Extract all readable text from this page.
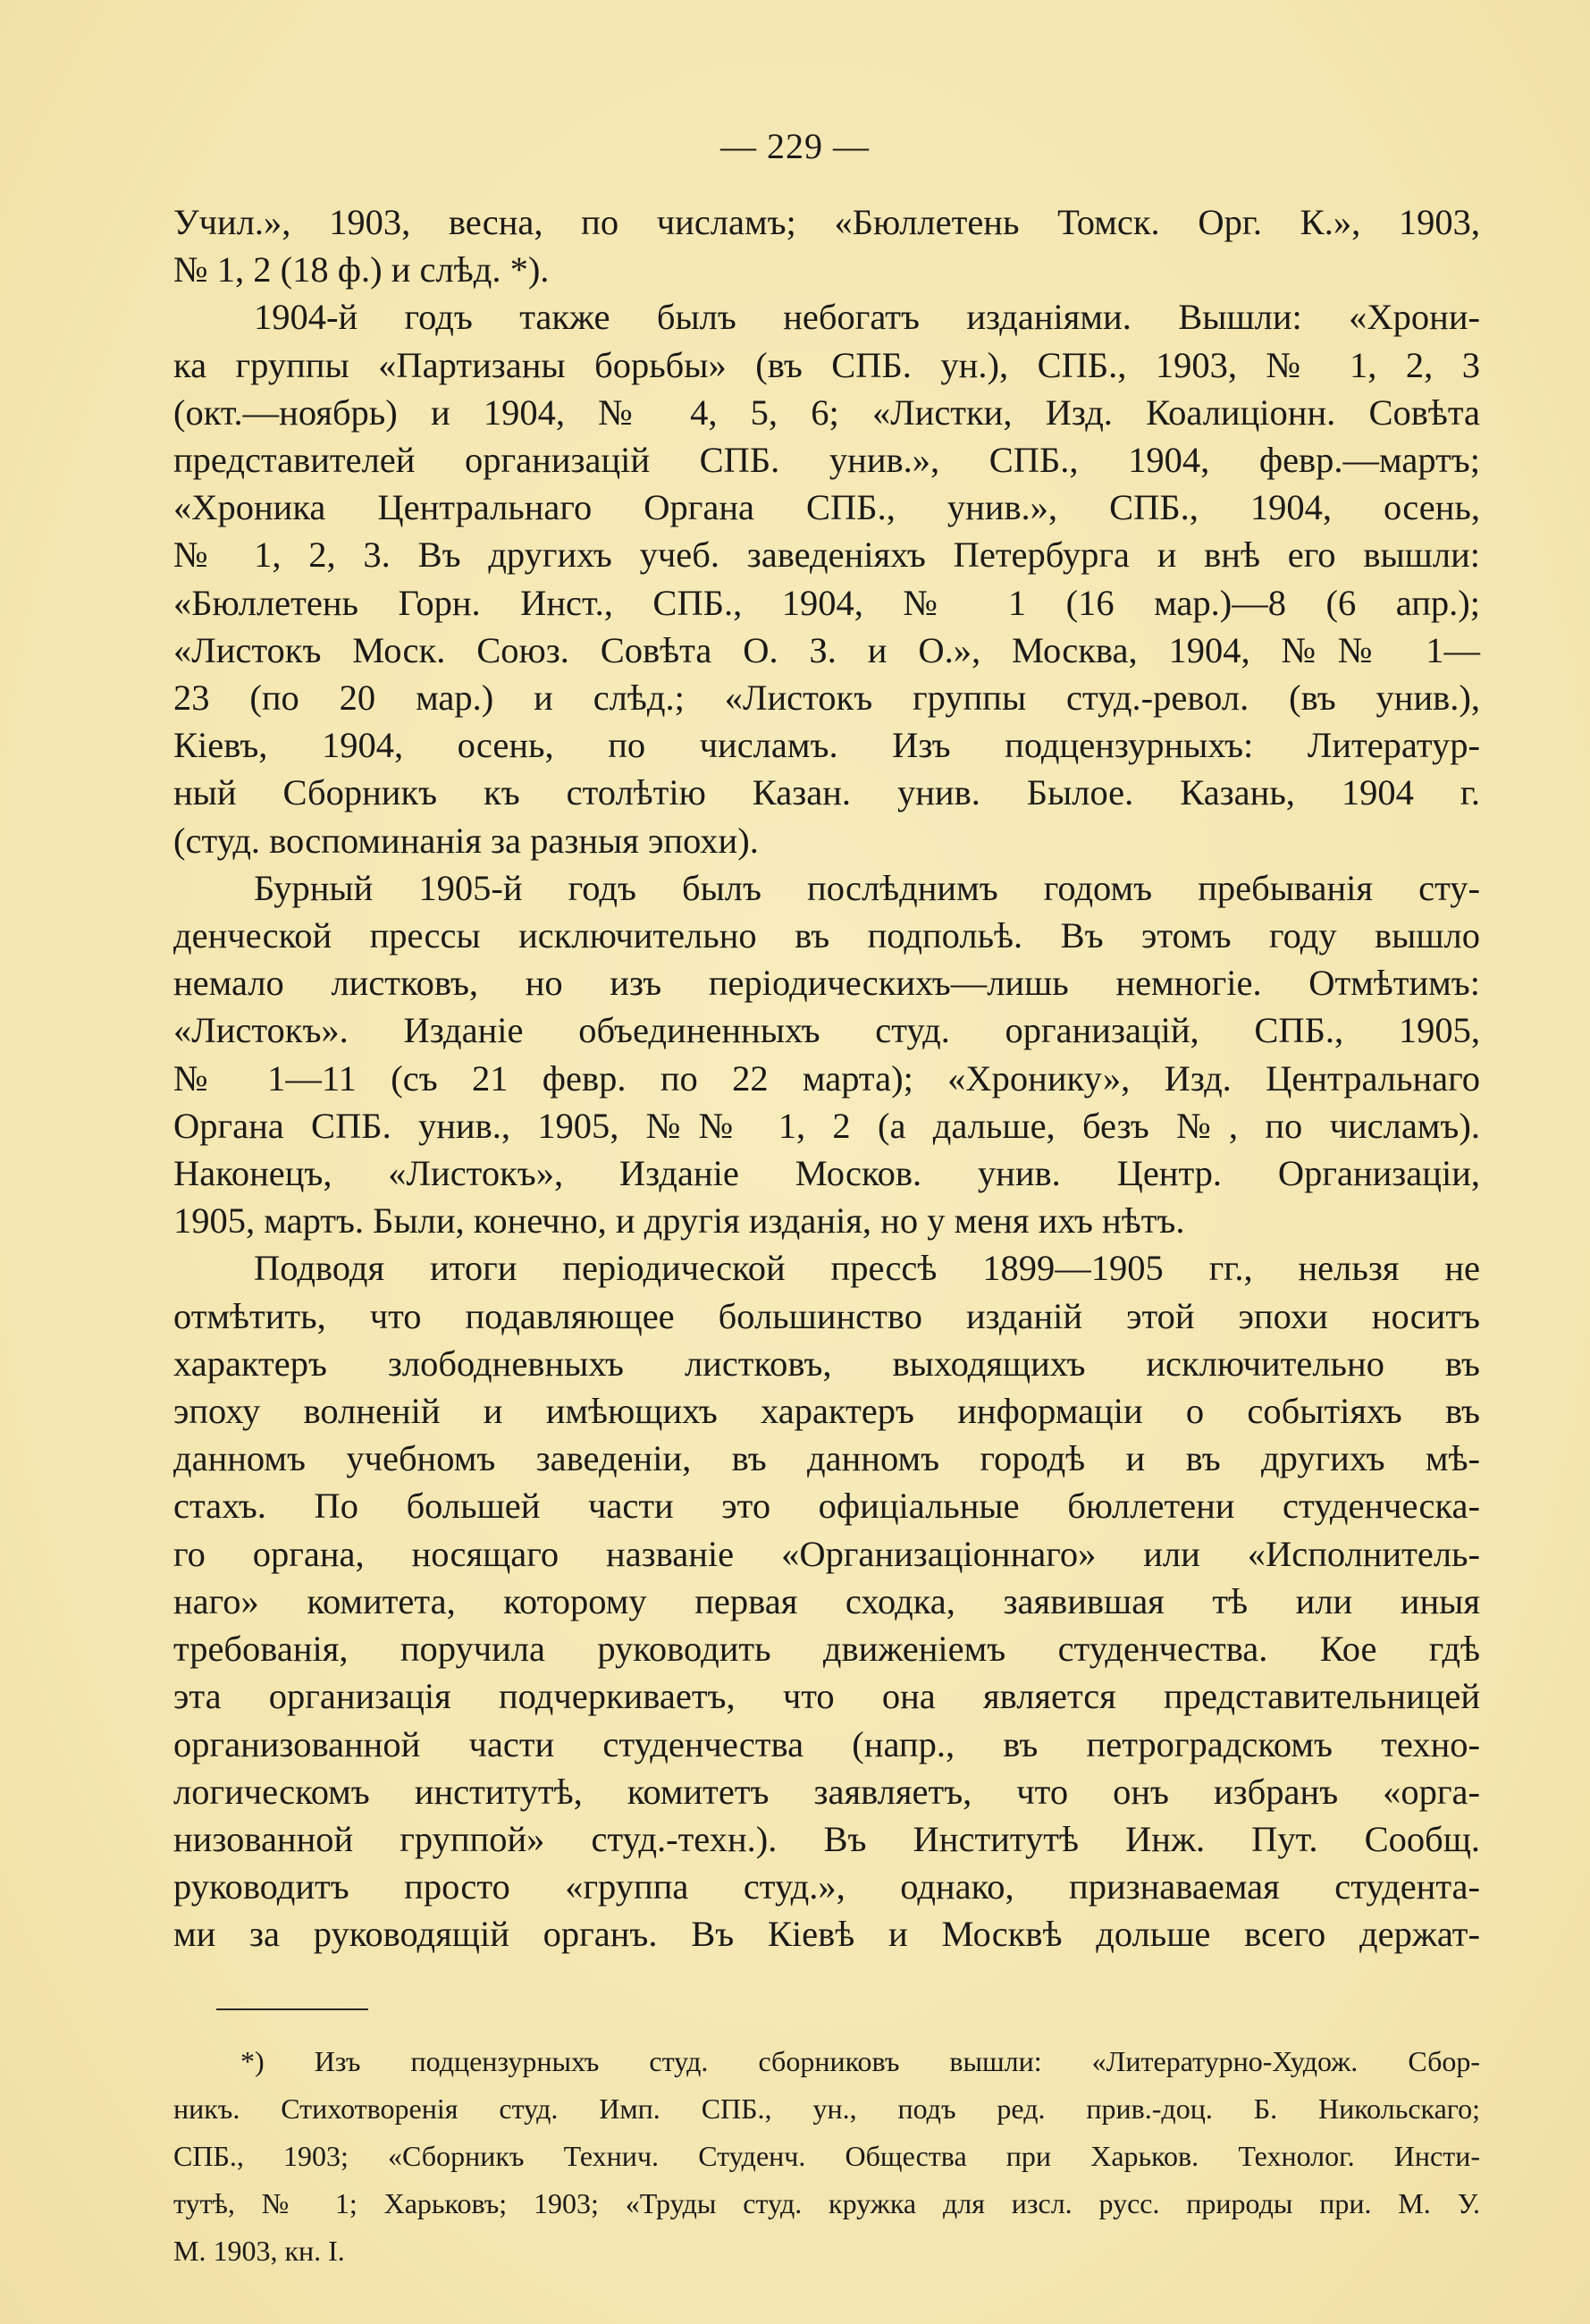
— 229 —

Учил.», 1903, весна, по числамъ; «Бюллетень Томск. Орг. К.», 1903,
№ 1, 2 (18 ф.) и слѣд. *).

1904-й годъ также былъ небогатъ изданіями. Вышли: «Хрони-
ка группы «Партизаны борьбы» (въ СПБ. ун.), СПБ., 1903, № 1, 2, 3
(окт.—ноябрь) и 1904, № 4, 5, 6; «Листки, Изд. Коалиціонн. Совѣта
представителей организацій СПБ. унив.», СПБ., 1904, февр.—мартъ;
«Хроника Центральнаго Органа СПБ., унив.», СПБ., 1904, осень,
№ 1, 2, 3. Въ другихъ учеб. заведеніяхъ Петербурга и внѣ его вышли:
«Бюллетень Горн. Инст., СПБ., 1904, № 1 (16 мар.)—8 (6 апр.);
«Листокъ Моск. Союз. Совѣта О. З. и О.», Москва, 1904, №№ 1—
23 (по 20 мар.) и слѣд.; «Листокъ группы студ.-револ. (въ унив.),
Кіевъ, 1904, осень, по числамъ. Изъ подцензурныхъ: Литератур-
ный Сборникъ къ столѣтію Казан. унив. Былое. Казань, 1904 г.
(студ. воспоминанія за разныя эпохи).

Бурный 1905-й годъ былъ послѣднимъ годомъ пребыванія сту-
денческой прессы исключительно въ подпольѣ. Въ этомъ году вышло
немало листковъ, но изъ періодическихъ—лишь немногіе. Отмѣтимъ:
«Листокъ». Изданіе объединенныхъ студ. организацій, СПБ., 1905,
№ 1—11 (съ 21 февр. по 22 марта); «Хронику», Изд. Центральнаго
Органа СПБ. унив., 1905, №№ 1, 2 (а дальше, безъ №, по числамъ).
Наконецъ, «Листокъ», Изданіе Москов. унив. Центр. Организаціи,
1905, мартъ. Были, конечно, и другія изданія, но у меня ихъ нѣтъ.

Подводя итоги періодической прессѣ 1899—1905 гг., нельзя не
отмѣтить, что подавляющее большинство изданій этой эпохи носитъ
характеръ злободневныхъ листковъ, выходящихъ исключительно въ
эпоху волненій и имѣющихъ характеръ информаціи о событіяхъ въ
данномъ учебномъ заведеніи, въ данномъ городѣ и въ другихъ мѣ-
стахъ. По большей части это офиціальные бюллетени студенческа-
го органа, носящаго названіе «Организаціоннаго» или «Исполнитель-
наго» комитета, которому первая сходка, заявившая тѣ или иныя
требованія, поручила руководить движеніемъ студенчества. Кое гдѣ
эта организація подчеркиваетъ, что она является представительницей
организованной части студенчества (напр., въ петроградскомъ техно-
логическомъ институтѣ, комитетъ заявляетъ, что онъ избранъ «орга-
низованной группой» студ.-техн.). Въ Институтѣ Инж. Пут. Сообщ.
руководитъ просто «группа студ.», однако, признаваемая студента-
ми за руководящій органъ. Въ Кіевѣ и Москвѣ дольше всего держат-

*) Изъ подцензурныхъ студ. сборниковъ вышли: «Литературно-Худож. Сбор-
никъ. Стихотворенія студ. Имп. СПБ., ун., подъ ред. прив.-доц. Б. Никольскаго;
СПБ., 1903; «Сборникъ Технич. Студенч. Общества при Харьков. Технолог. Инсти-
тутѣ, № 1; Харьковъ; 1903; «Труды студ. кружка для изсл. русс. природы при. М. У.
М. 1903, кн. I.
